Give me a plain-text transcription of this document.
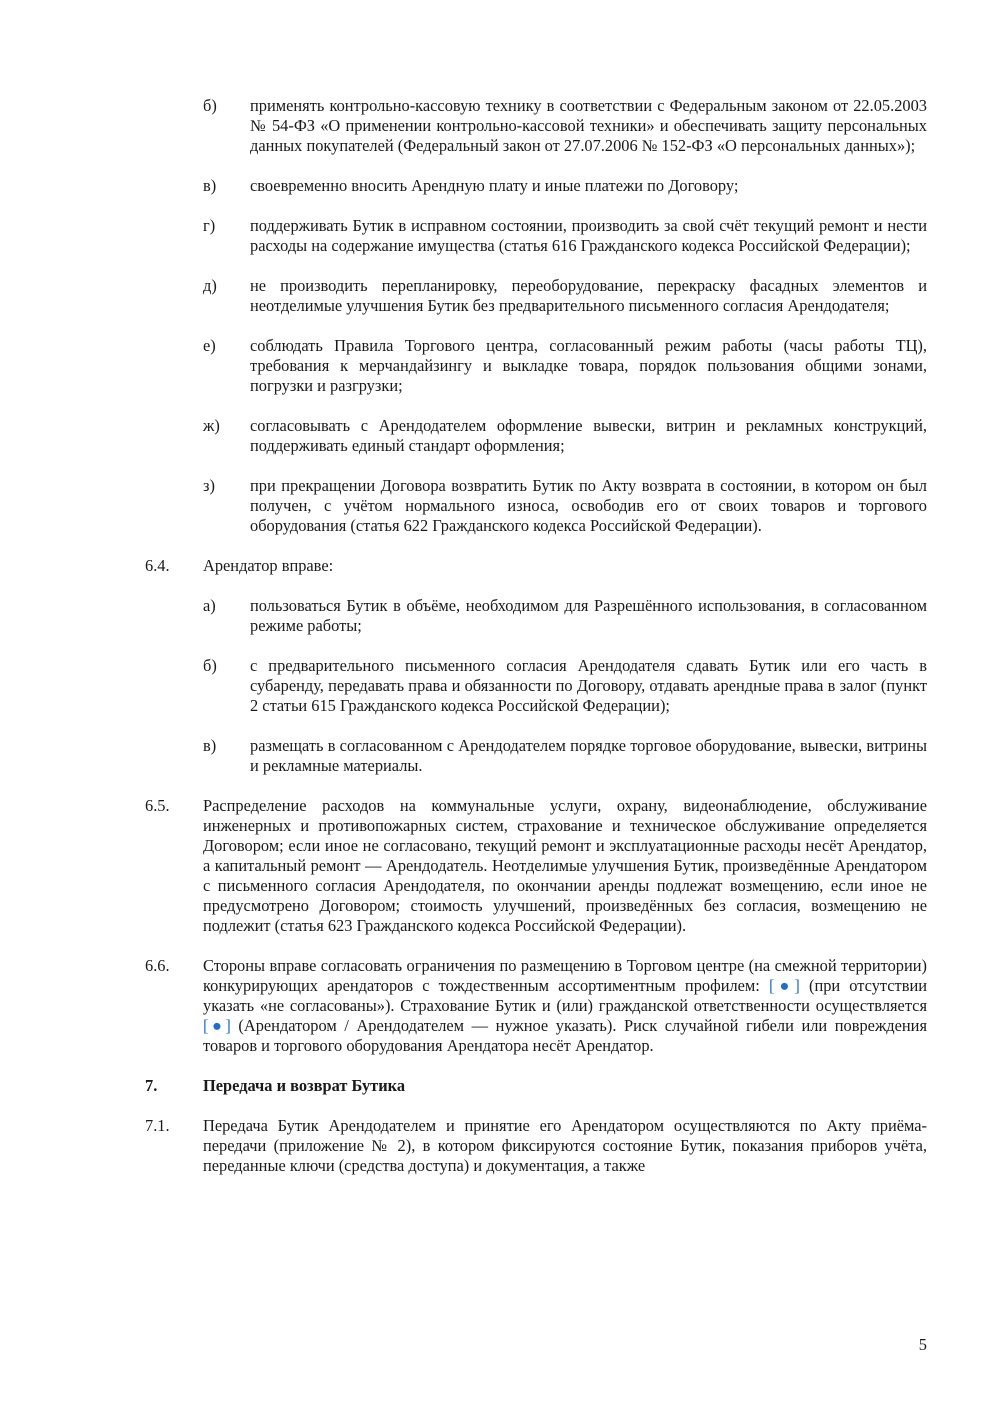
б) применять контрольно-кассовую технику в соответствии с Федеральным законом от 22.05.2003 № 54-ФЗ «О применении контрольно-кассовой техники» и обеспечивать защиту персональных данных покупателей (Федеральный закон от 27.07.2006 № 152-ФЗ «О персональных данных»);
в) своевременно вносить Арендную плату и иные платежи по Договору;
г) поддерживать Бутик в исправном состоянии, производить за свой счёт текущий ремонт и нести расходы на содержание имущества (статья 616 Гражданского кодекса Российской Федерации);
д) не производить перепланировку, переоборудование, перекраску фасадных элементов и неотделимые улучшения Бутик без предварительного письменного согласия Арендодателя;
е) соблюдать Правила Торгового центра, согласованный режим работы (часы работы ТЦ), требования к мерчандайзингу и выкладке товара, порядок пользования общими зонами, погрузки и разгрузки;
ж) согласовывать с Арендодателем оформление вывески, витрин и рекламных конструкций, поддерживать единый стандарт оформления;
з) при прекращении Договора возвратить Бутик по Акту возврата в состоянии, в котором он был получен, с учётом нормального износа, освободив его от своих товаров и торгового оборудования (статья 622 Гражданского кодекса Российской Федерации).
6.4. Арендатор вправе:
а) пользоваться Бутик в объёме, необходимом для Разрешённого использования, в согласованном режиме работы;
б) с предварительного письменного согласия Арендодателя сдавать Бутик или его часть в субаренду, передавать права и обязанности по Договору, отдавать арендные права в залог (пункт 2 статьи 615 Гражданского кодекса Российской Федерации);
в) размещать в согласованном с Арендодателем порядке торговое оборудование, вывески, витрины и рекламные материалы.
6.5. Распределение расходов на коммунальные услуги, охрану, видеонаблюдение, обслуживание инженерных и противопожарных систем, страхование и техническое обслуживание определяется Договором; если иное не согласовано, текущий ремонт и эксплуатационные расходы несёт Арендатор, а капитальный ремонт — Арендодатель. Неотделимые улучшения Бутик, произведённые Арендатором с письменного согласия Арендодателя, по окончании аренды подлежат возмещению, если иное не предусмотрено Договором; стоимость улучшений, произведённых без согласия, возмещению не подлежит (статья 623 Гражданского кодекса Российской Федерации).
6.6. Стороны вправе согласовать ограничения по размещению в Торговом центре (на смежной территории) конкурирующих арендаторов с тождественным ассортиментным профилем: [●] (при отсутствии указать «не согласованы»). Страхование Бутик и (или) гражданской ответственности осуществляется [●] (Арендатором / Арендодателем — нужное указать). Риск случайной гибели или повреждения товаров и торгового оборудования Арендатора несёт Арендатор.
7.	Передача и возврат Бутика
7.1. Передача Бутик Арендодателем и принятие его Арендатором осуществляются по Акту приёма-передачи (приложение № 2), в котором фиксируются состояние Бутик, показания приборов учёта, переданные ключи (средства доступа) и документация, а также
5
